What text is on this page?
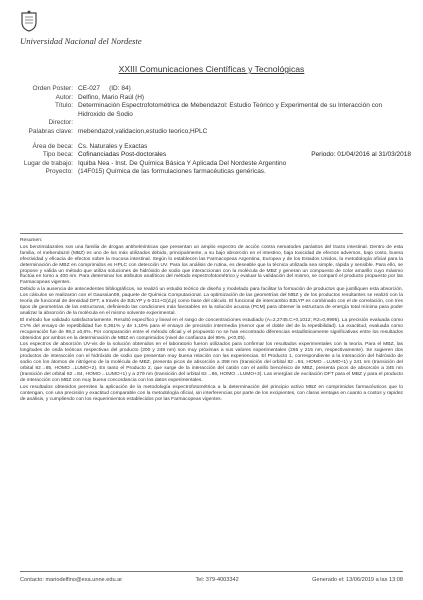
Universidad Nacional del Nordeste
XXIII Comunicaciones Científicas y Tecnológicas
Orden Poster: CE-027 (ID: 84)
Autor: Delfino, Mario Raúl (H)
Título: Determinación Espectrofotométrica de Mebendazol: Estudio Teórico y Experimental de su Interacción con Hidroxido de Sodio
Director:
Palabras clave: mebendazol,validacion,estudio teorico,HPLC
Área de beca: Cs. Naturales y Exactas
Tipo beca: Cofinanciadas Post-doctorales	Periodo: 01/04/2016 al 31/03/2018
Lugar de trabajo: Iquiba Nea - Inst. De Química Básica Y Aplicada Del Nordeste Argentino
Proyecto: (14F015) Química de las formulaciones farmacéuticas genéricas.
Resumen:

Los benzimidazoles son una familia de drogas antihelmínticas que presentan un amplio espectro de acción contra nematodes parásitos del tracto intestinal. Dentro de esta familia, el mebendazol (MBZ) es uno de los más utilizados debido, principalmente, a su bajo absorción en el intestino, baja toxicidad de efectos adversos, bajo costo, buena efectividad y eficacia de efectos sobre la mucosa intestinal. Según lo establecen las Farmacopeas Argentina, Europea y de los Estados Unidos, la metodología oficial para la determinación de MBZ en comprimidos es HPLC con detección UV. Para los análisis de rutina, es deseable que la técnica utilizada sea simple, rápida y sensible. Para ello, se propone y valida un método que utiliza soluciones de hidróxido de sodio que interaccionan con la molécula de MBZ y generan un compuesto de color amarillo cuyo máximo fluctúa en torno a 400 nm. Para determinar los atributos analíticos del método espectrofotométrico y evaluar la validación del mismo, se comparó el producto propuesto por las Farmacopeas vigentes.

Debido a la ausencia de antecedentes bibliográficos, se realizó un estudio teórico de diseño y modelado para facilitar la formación de productos que justifiquen esta absorción. Los cálculos se realizaron con el Gaussian09, paquete de Química Computacional. La optimización de las geometrías del MBZ y de los productos resultantes se realizó con la teoría de funcional de densidad DFT, a través de B3LYP y 6-311+G(d,p) como base del cálculo. El funcional de intercambio B3LYP es combinado con el de correlación, con tres tipos de geometrías de las estructuras, definiendo las condiciones más favorables en la solución acuosa (PCM) para obtener la estructura de energía total mínima para poder analizar la absorción de la molécula en el mismo solvente experimental.

El método fue validado satisfactoriamente. Resultó específico y lineal en el rango de concentraciones estudiado (A=2,2745.C+0,1012; R2=0,9995). La precisión evaluada como CV% del ensayo de repetibilidad fue 0,361% y de 1,19% para el ensayo de precisión intermedia (menor que el doble del de la repetibilidad). La exactitud, evaluada como recuperación fue de 99,2 ±0,6%. Por comparación entre el método oficial y el propuesto no se han encontrado diferencias estadísticamente significativas entre los resultados obtenidos por ambos en la determinación de MBZ en comprimidos (nivel de confianza del 95%, p<0,05).

Los espectros de absorción UV-vis de la solución obtenidos en el laboratorio fueron utilizados para confirmar los resultados experimentales con la teoría. Para el MBZ, las longitudes de onda teóricas respectivas del producto (200 y 249 nm) son muy próximas a sus valores experimentales (265 y 215 nm, respectivamente). Se sugieren dos productos de interacción con el hidróxido de sodio que presentan muy buena relación con las experiencias. El Producto 1, correspondiente a la interacción del hidróxido de sodio con los átomos de nitrógeno de la molécula de MBZ, presenta picos de absorción a 398 nm (transición del orbital 82→84, HOMO→LUMO+1) y 241 nm (transición del orbital 82→85, HOMO→LUMO+2). En tanto el Producto 2, que surge de la interacción del catión con el anillo bencénico de MBZ, presenta picos de absorción a 345 nm (transición del orbital 82→84, HOMO→LUMO+1) y a 279 nm (transición del orbital 82→86, HOMO→LUMO+3). Las energías de excitación DFT para el MBZ y para el producto de interacción con MBZ con muy buena concordancia con los datos experimentales.

Los resultados obtenidos permiten la aplicación de la metodología espectrofotométrica a la determinación del principio activo MBZ en comprimidos farmacéuticos que lo contengan, con una precisión y exactitud comparable con la metodología oficial, sin interferencias por parte de los excipientes, con claras ventajas en cuanto a costos y rapidez de análisis, y cumpliendo con los requerimientos establecidos por las Farmacopeas vigentes.

Contacto: mariodelfino@exa.unne.edu.ar	Tel: 379-4003342	Generado el: 13/06/2019 a las 13:08
